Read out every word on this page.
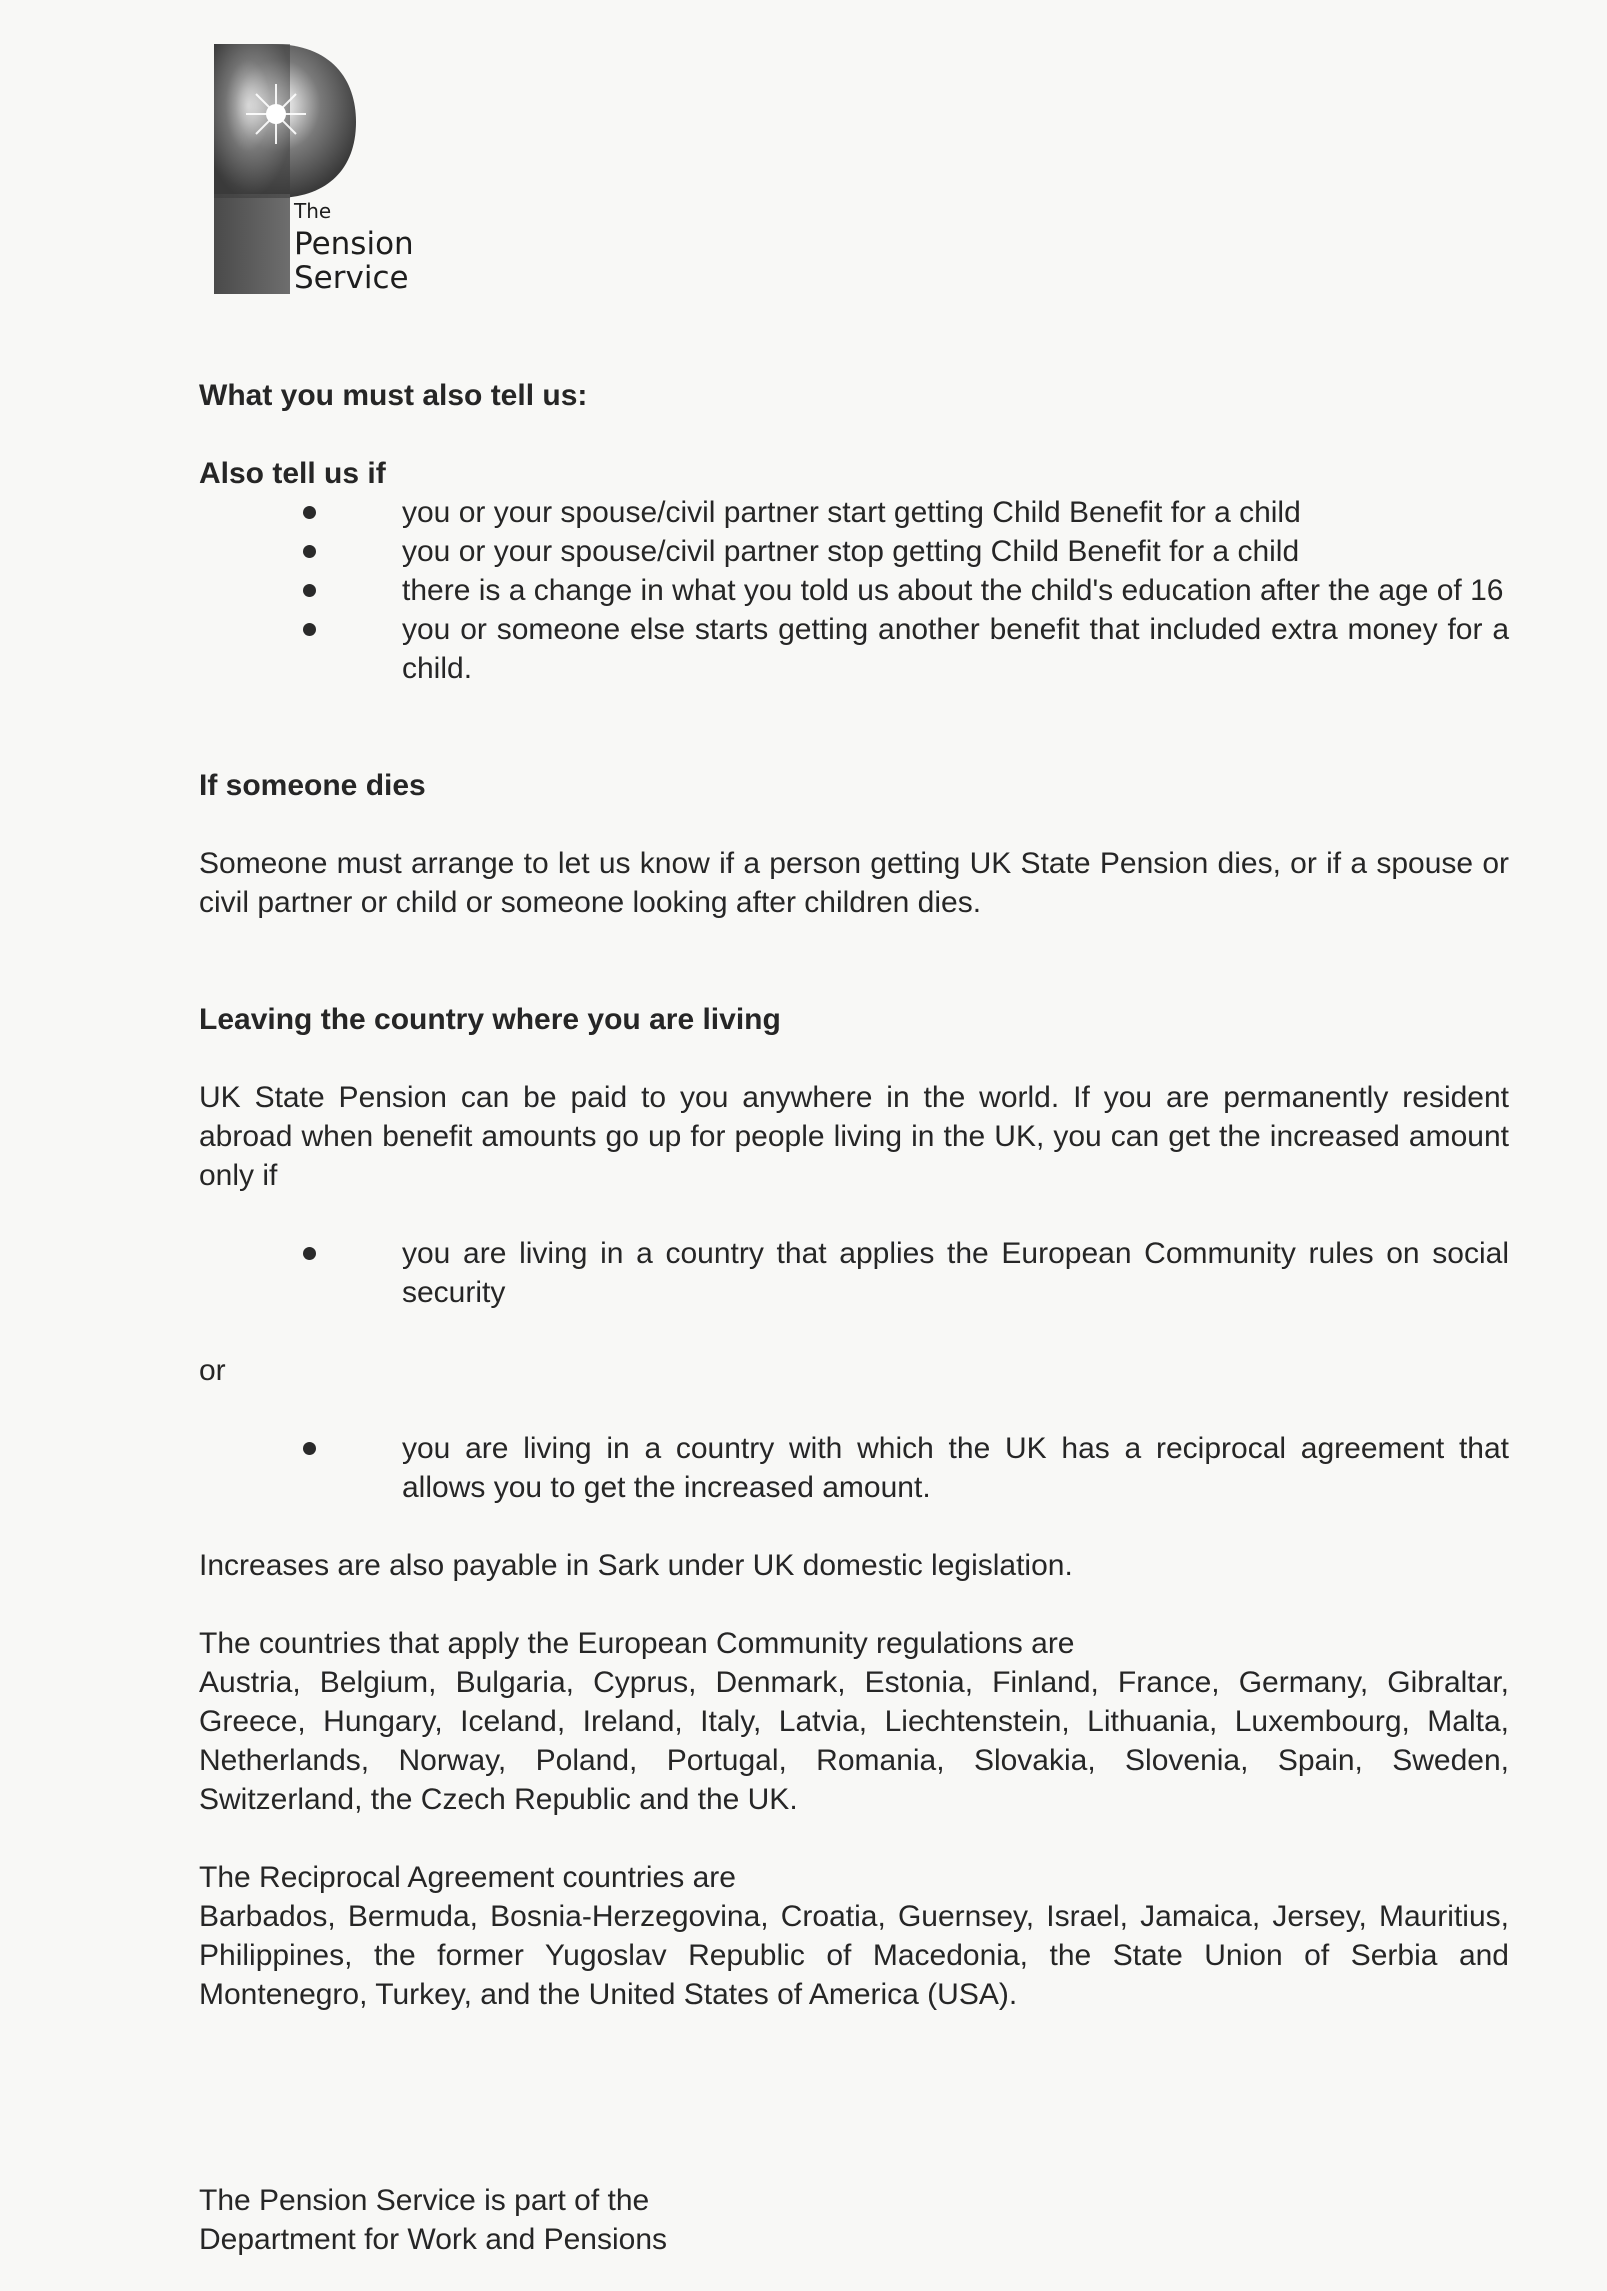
The
Pension
Service

What you must also tell us:

Also tell us if

you or your spouse/civil partner start getting Child Benefit for a child
you or your spouse/civil partner stop getting Child Benefit for a child
there is a change in what you told us about the child's education after the age of 16
you or someone else starts getting another benefit that included extra money for a child.

If someone dies

Someone must arrange to let us know if a person getting UK State Pension dies, or if a spouse or civil partner or child or someone looking after children dies.

Leaving the country where you are living

UK State Pension can be paid to you anywhere in the world. If you are permanently resident abroad when benefit amounts go up for people living in the UK, you can get the increased amount only if

you are living in a country that applies the European Community rules on social security

or

you are living in a country with which the UK has a reciprocal agreement that allows you to get the increased amount.

Increases are also payable in Sark under UK domestic legislation.

The countries that apply the European Community regulations are

Austria, Belgium, Bulgaria, Cyprus, Denmark, Estonia, Finland, France, Germany, Gibraltar, Greece, Hungary, Iceland, Ireland, Italy, Latvia, Liechtenstein, Lithuania, Luxembourg, Malta, Netherlands, Norway, Poland, Portugal, Romania, Slovakia, Slovenia, Spain, Sweden, Switzerland, the Czech Republic and the UK.

The Reciprocal Agreement countries are

Barbados, Bermuda, Bosnia-Herzegovina, Croatia, Guernsey, Israel, Jamaica, Jersey, Mauritius, Philippines, the former Yugoslav Republic of Macedonia, the State Union of Serbia and Montenegro, Turkey, and the United States of America (USA).

The Pension Service is part of the

Department for Work and Pensions
